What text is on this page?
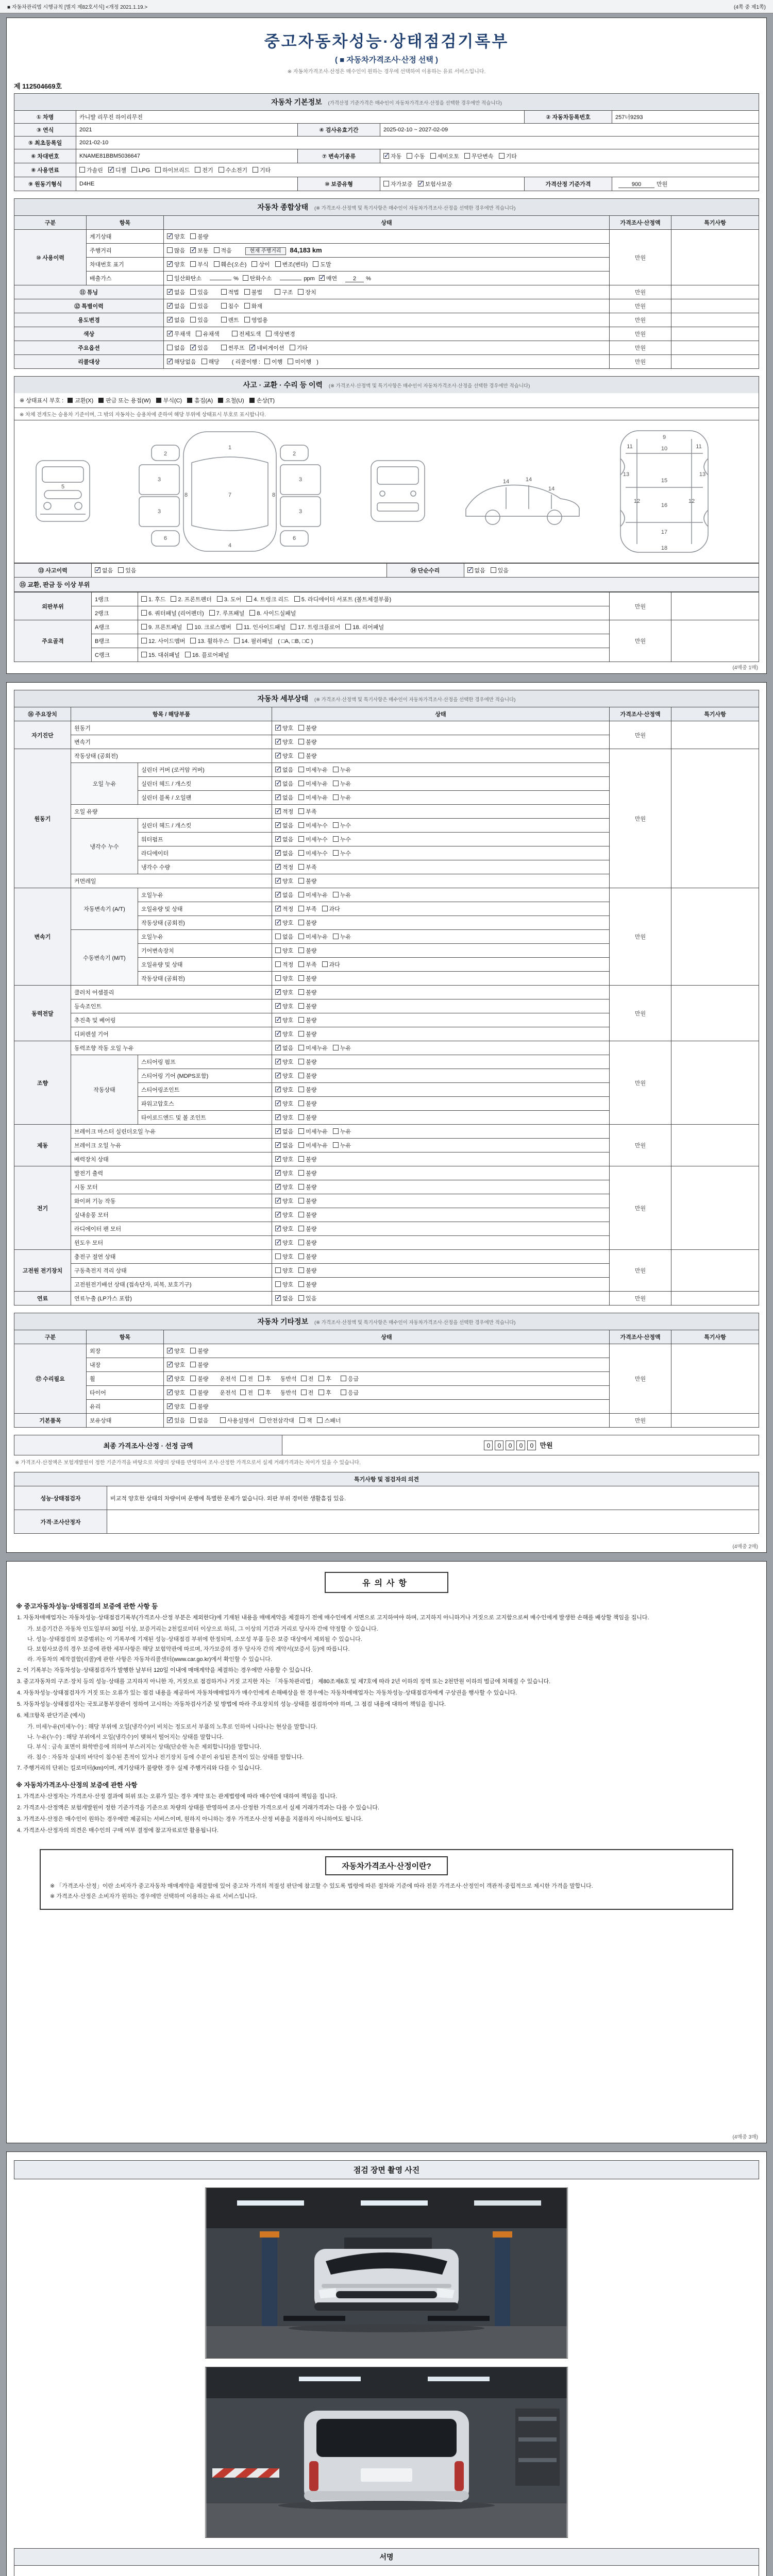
■ 자동차관리법 시행규칙 [별지 제82호서식] <개정 2021.1.19.>	(4쪽 중 제1쪽)
중고자동차성능·상태점검기록부
( ■ 자동차가격조사·산정 선택 )
※ 자동차가격조사·산정은 매수인이 원하는 경우에 선택하여 이용하는 유료 서비스입니다.
제 112504669호
자동차 기본정보 (가격산정 기준가격은 매수인이 자동차가격조사·산정을 선택한 경우에만 적습니다)
① 차명	카니발 리무진 하이리무진			② 자동차등록번호	257너9293
③ 연식	2021	④ 검사유효기간	2025-02-10 ~ 2027-02-09		
⑤ 최초등록일	2021-02-10				
⑥ 차대번호	KNAME81BBM5036647	⑦ 변속기종류	✓자동 수동 세미오토 무단변속 기타
⑧ 사용연료	가솔린 ✓ 디젤 LPG 하이브리드 전기 수소전기 기타
⑨ 원동기형식	D4HE	⑩ 보증유형	자가보증 ✓ 보험사보증	가격산정 기준가격	900 만원
자동차 종합상태 (※ 가격조사·산정액 및 특기사항은 매수인이 자동차가격조사·산정을 선택한 경우에만 적습니다)
구분	항목	상태	가격조사·산정액	특기사항
⑩ 사용이력	계기상태	✓양호 불량	만원	
	주행거리	많음 ✓ 보통 적음 현재 주행거리 84,183 km
	차대번호 표기	✓양호 부식 훼손(오손) 상이 변조(변타) 도말
	배출가스	일산화탄소 % 탄화수소 ppm ✓ 매연 2 %
⑪ 튜닝	✓없음 있음 적법 불법 구조 장치	만원	
⑫ 특별이력	✓없음 있음 침수 화재	만원	
용도변경	✓없음 있음 렌트 영업용	만원	
색상	✓무채색 유채색 전체도색 색상변경	만원	
주요옵션		없음 ✓ 있음 썬루프 ✓ 네비게이션 기타	만원	
리콜대상	✓해당없음 해당 ( 리콜이행 : 이행 미이행 )	만원	
사고 · 교환 · 수리 등 이력 (※ 가격조사·산정액 및 특기사항은 매수인이 자동차가격조사·산정을 선택한 경우에만 적습니다)
※ 상태표시 부호 : 교환(X) 판금 또는 용접(W) 부식(C) 흠집(A) 요철(U) 손상(T)
※ 차체 전개도는 승용차 기준이며, 그 밖의 자동차는 승용차에 준하여 해당 부위에 상태표시 부호로 표시합니다.
1
2	2
3
3
3
3
4
5
6	6
7
8	8
9
10
11	11
12	12
13	13
14	14
14
15
16
17
18
⑬ 사고이력	✓없음 있음	⑭ 단순수리	✓없음 있음
⑮ 교환, 판금 등 이상 부위
외판부위	1랭크	1. 후드 2. 프론트펜더 3. 도어 4. 트렁크 리드 5. 라디에이터 서포트 (볼트체결부품)	만원	
	2랭크	6. 쿼터패널 (리어펜더) 7. 루프패널 8. 사이드실패널		
주요골격	A랭크	9. 프론트패널 10. 크로스멤버 11. 인사이드패널 17. 트렁크플로어 18. 리어패널	만원	
	B랭크	12. 사이드멤버 13. 휠하우스 14. 필러패널 ( □A, □B, □C )		
	C랭크	15. 대쉬패널 16. 플로어패널		
(4매중 1매)
자동차 세부상태 (※ 가격조사·산정액 및 특기사항은 매수인이 자동차가격조사·산정을 선택한 경우에만 적습니다)
⑯ 주요장치	항목 / 해당부품		상태	가격조사·산정액	특기사항
자기진단	원동기	✓양호 불량	만원	
	변속기	✓양호 불량
원동기	작동상태 (공회전)	✓양호 불량	만원	
	오일 누유	실린더 커버 (로커암 커버)	✓없음 미세누유 누유
		실린더 헤드 / 개스킷	✓없음 미세누유 누유
		실린더 블록 / 오일팬	✓없음 미세누유 누유
	오일 유량	✓적정 부족
	냉각수 누수	실린더 헤드 / 개스킷	✓없음 미세누수 누수
		워터펌프	✓없음 미세누수 누수
		라디에이터	✓없음 미세누수 누수
		냉각수 수량	✓적정 부족
	커먼레일	✓양호 불량
변속기	자동변속기 (A/T)	오일누유	✓없음 미세누유 누유	만원	
		오일유량 및 상태	✓적정 부족 과다
		작동상태 (공회전)	✓양호 불량
	수동변속기 (M/T)	오일누유	없음 미세누유 누유		
		기어변속장치	양호 불량		
		오일유량 및 상태	적정 부족 과다		
		작동상태 (공회전)	양호 불량		
동력전달	클러치 어셈블리	✓양호 불량	만원	
	등속조인트	✓양호 불량
	추진축 및 베어링	✓양호 불량
	디퍼렌셜 기어	✓양호 불량
조향	동력조향 작동 오일 누유	✓없음 미세누유 누유	만원	
	작동상태	스티어링 펌프	✓양호 불량
		스티어링 기어 (MDPS포함)	✓양호 불량
		스티어링조인트	✓양호 불량
		파워고압호스	✓양호 불량
		타이로드엔드 및 볼 조인트	✓양호 불량
제동	브레이크 마스터 실린더오일 누유	✓없음 미세누유 누유	만원	
	브레이크 오일 누유	✓없음 미세누유 누유
	배력장치 상태	✓양호 불량
전기	발전기 출력	✓양호 불량	만원	
	시동 모터	✓양호 불량
	와이퍼 기능 작동	✓양호 불량
	실내송풍 모터	✓양호 불량
	라디에이터 팬 모터	✓양호 불량
	윈도우 모터	✓양호 불량
고전원 전기장치	충전구 절연 상태		양호 불량	만원	
	구동축전지 격리 상태		양호 불량		
	고전원전기배선 상태 (접속단자, 피복, 보호기구)		양호 불량		
연료	연료누출 (LP가스 포함)	✓없음 있음	만원	
자동차 기타정보 (※ 가격조사·산정액 및 특기사항은 매수인이 자동차가격조사·산정을 선택한 경우에만 적습니다)
구분	항목	상태	가격조사·산정액	특기사항
⑰ 수리필요	외장	✓양호 불량	만원	
	내장	✓양호 불량
	휠	✓양호 불량 운전석 전 후 동반석 전 후 응급
	타이어	✓양호 불량 운전석 전 후 동반석 전 후 응급
	유리	✓양호 불량
기본품목	보유상태	✓있음 없음 사용설명서 안전삼각대 잭 스패너	만원	
최종 가격조사·산정 · 선정 금액	0 0 0 0 0 만원
※ 가격조사·산정액은 보험개발원이 정한 기준가격을 바탕으로 차량의 상태를 반영하여 조사·산정한 가격으로서 실제 거래가격과는 차이가 있을 수 있습니다.
특기사항 및 점검자의 의견	
성능·상태점검자	비교적 양호한 상태의 차량이며 운행에 특별한 문제가 없습니다. 외판 부위 경미한 생활흠집 있음.
가격·조사산정자	
(4매중 2매)
유의사항
※ 중고자동차성능·상태점검의 보증에 관한 사항 등
1. 자동차매매업자는 자동차성능·상태점검기록부(가격조사·산정 부분은 제외한다)에 기재된 내용을 매매계약을 체결하기 전에 매수인에게 서면으로 고지하여야 하며, 고지하지 아니하거나 거짓으로 고지함으로써 매수인에게 발생한 손해를 배상할 책임을 집니다.
가. 보증기간은 자동차 인도일부터 30일 이상, 보증거리는 2천킬로미터 이상으로 하되, 그 이상의 기간과 거리로 당사자 간에 약정할 수 있습니다.
나. 성능·상태점검의 보증범위는 이 기록부에 기재된 성능·상태점검 부위에 한정되며, 소모성 부품 등은 보증 대상에서 제외될 수 있습니다.
다. 보험사보증의 경우 보증에 관한 세부사항은 해당 보험약관에 따르며, 자가보증의 경우 당사자 간의 계약서(보증서 등)에 따릅니다.
라. 자동차의 제작결함(리콜)에 관한 사항은 자동차리콜센터(www.car.go.kr)에서 확인할 수 있습니다.
2. 이 기록부는 자동차성능·상태점검자가 발행한 날부터 120일 이내에 매매계약을 체결하는 경우에만 사용할 수 있습니다.
3. 중고자동차의 구조·장치 등의 성능·상태를 고지하지 아니한 자, 거짓으로 점검하거나 거짓 고지한 자는 「자동차관리법」 제80조제6호 및 제7호에 따라 2년 이하의 징역 또는 2천만원 이하의 벌금에 처해질 수 있습니다.
4. 자동차성능·상태점검자가 거짓 또는 오류가 있는 점검 내용을 제공하여 자동차매매업자가 매수인에게 손해배상을 한 경우에는 자동차매매업자는 자동차성능·상태점검자에게 구상권을 행사할 수 있습니다.
5. 자동차성능·상태점검자는 국토교통부장관이 정하여 고시하는 자동차검사기준 및 방법에 따라 주요장치의 성능·상태를 점검하여야 하며, 그 점검 내용에 대하여 책임을 집니다.
6. 체크항목 판단기준 (예시)
가. 미세누유(미세누수) : 해당 부위에 오일(냉각수)이 비치는 정도로서 부품의 노후로 인하여 나타나는 현상을 말합니다.
나. 누유(누수) : 해당 부위에서 오일(냉각수)이 맺혀서 떨어지는 상태를 말합니다.
다. 부식 : 금속 표면이 화학반응에 의하여 부스러지는 상태(단순한 녹은 제외합니다)를 말합니다.
라. 침수 : 자동차 실내의 바닥이 침수된 흔적이 있거나 전기장치 등에 수분이 유입된 흔적이 있는 상태를 말합니다.
7. 주행거리의 단위는 킬로미터(km)이며, 계기상태가 불량한 경우 실제 주행거리와 다를 수 있습니다.
※ 자동차가격조사·산정의 보증에 관한 사항
1. 가격조사·산정자는 가격조사·산정 결과에 허위 또는 오류가 있는 경우 계약 또는 관계법령에 따라 매수인에 대하여 책임을 집니다.
2. 가격조사·산정액은 보험개발원이 정한 기준가격을 기준으로 차량의 상태를 반영하여 조사·산정한 가격으로서 실제 거래가격과는 다를 수 있습니다.
3. 가격조사·산정은 매수인이 원하는 경우에만 제공되는 서비스이며, 원하지 아니하는 경우 가격조사·산정 비용을 지불하지 아니하여도 됩니다.
4. 가격조사·산정자의 의견은 매수인의 구매 여부 결정에 참고자료로만 활용됩니다.
자동차가격조사·산정이란?
※ 「가격조사·산정」이란 소비자가 중고자동차 매매계약을 체결함에 있어 중고차 가격의 적절성 판단에 참고할 수 있도록 법령에 따른 절차와 기준에 따라 전문 가격조사·산정인이 객관적·중립적으로 제시한 가격을 말합니다.
※ 가격조사·산정은 소비자가 원하는 경우에만 선택하여 이용하는 유료 서비스입니다.
(4매중 3매)
점검 장면 촬영 사진
서명
